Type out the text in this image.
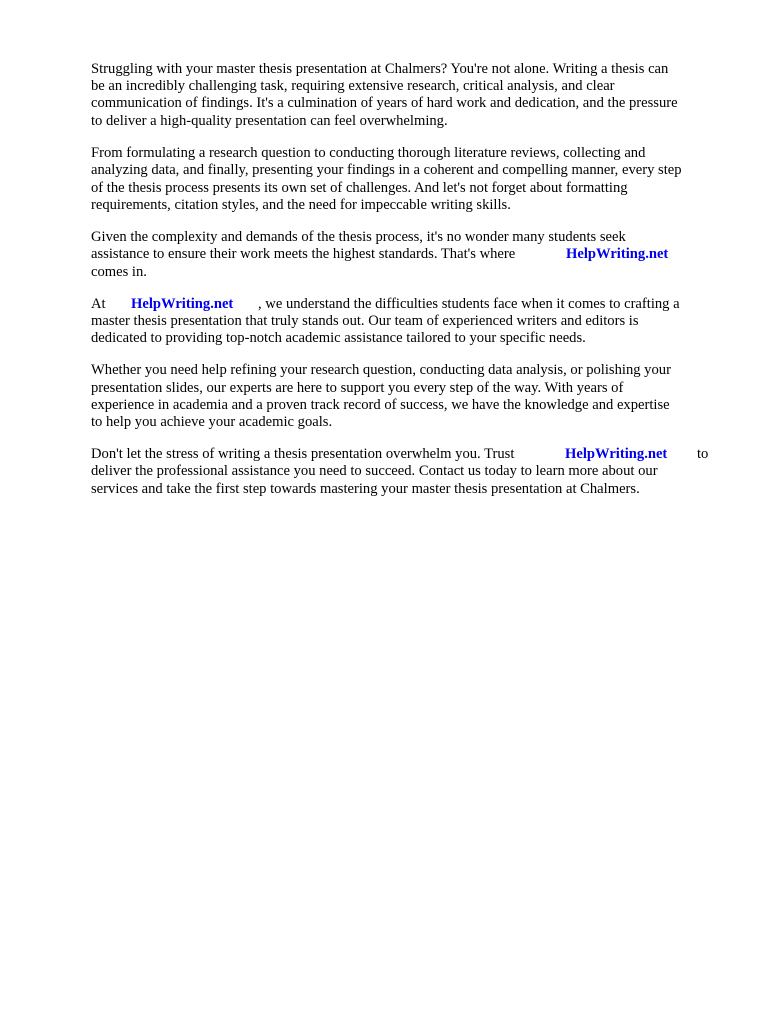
Struggling with your master thesis presentation at Chalmers? You're not alone. Writing a thesis can
be an incredibly challenging task, requiring extensive research, critical analysis, and clear
communication of findings. It's a culmination of years of hard work and dedication, and the pressure
to deliver a high-quality presentation can feel overwhelming.
From formulating a research question to conducting thorough literature reviews, collecting and
analyzing data, and finally, presenting your findings in a coherent and compelling manner, every step
of the thesis process presents its own set of challenges. And let's not forget about formatting
requirements, citation styles, and the need for impeccable writing skills.
Given the complexity and demands of the thesis process, it's no wonder many students seek
assistance to ensure their work meets the highest standards. That's where	HelpWriting.net
comes in.
At HelpWriting.net , we understand the difficulties students face when it comes to crafting a
master thesis presentation that truly stands out. Our team of experienced writers and editors is
dedicated to providing top-notch academic assistance tailored to your specific needs.
Whether you need help refining your research question, conducting data analysis, or polishing your
presentation slides, our experts are here to support you every step of the way. With years of
experience in academia and a proven track record of success, we have the knowledge and expertise
to help you achieve your academic goals.
Don't let the stress of writing a thesis presentation overwhelm you. Trust	HelpWriting.net to
deliver the professional assistance you need to succeed. Contact us today to learn more about our
services and take the first step towards mastering your master thesis presentation at Chalmers.
